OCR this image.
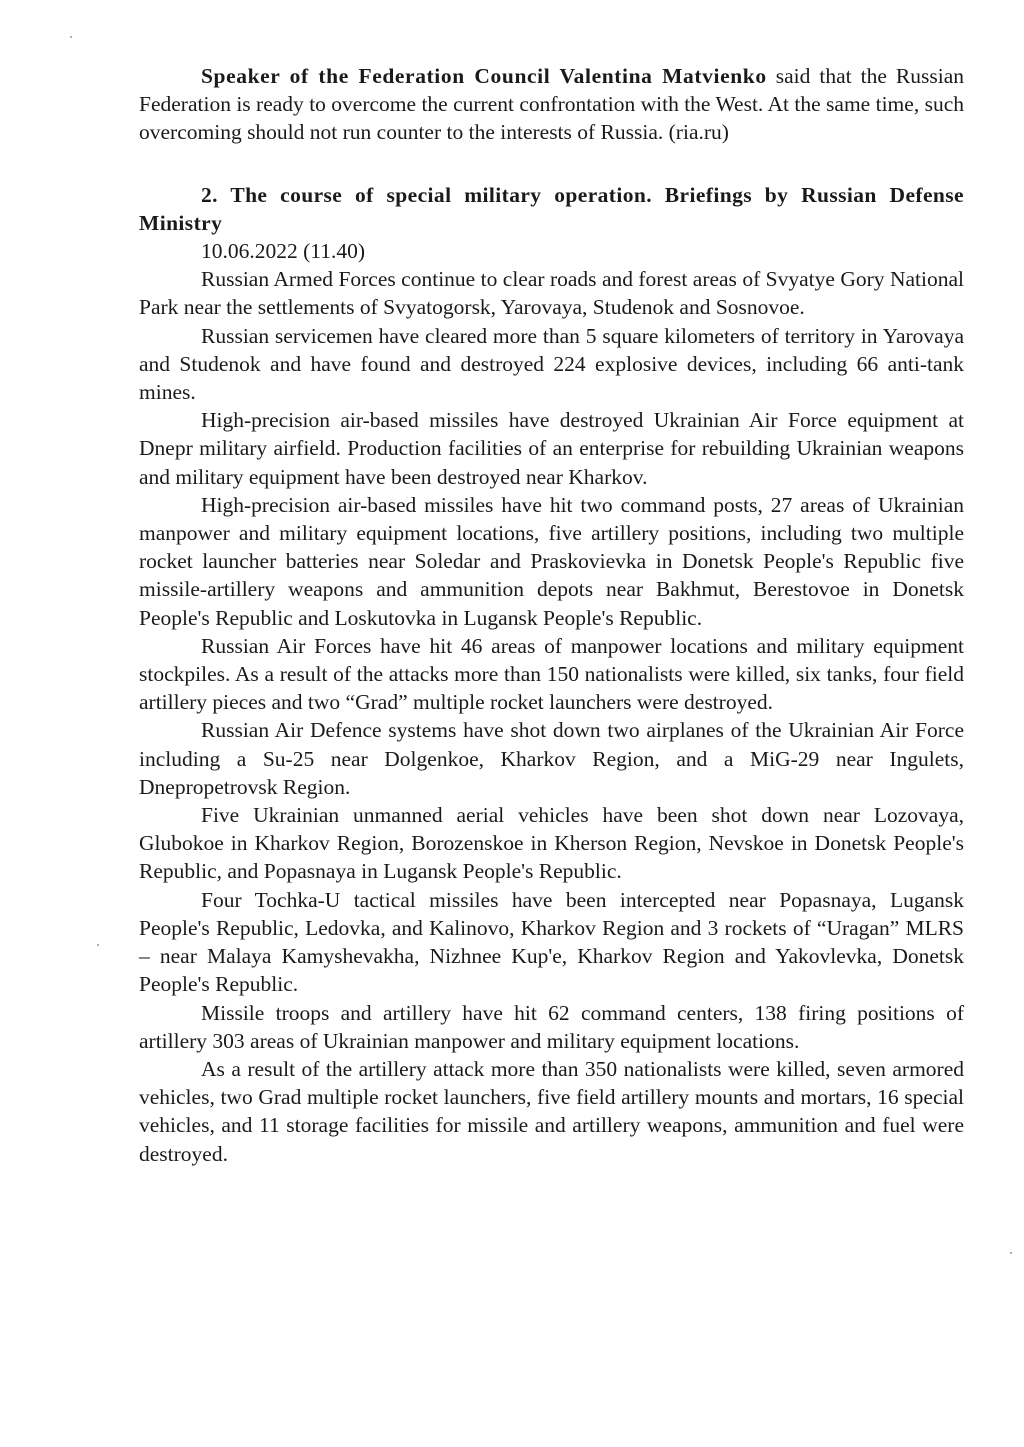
Speaker of the Federation Council Valentina Matvienko said that the Russian Federation is ready to overcome the current confrontation with the West. At the same time, such overcoming should not run counter to the interests of Russia. (ria.ru)

2. The course of special military operation. Briefings by Russian Defense Ministry

10.06.2022 (11.40)

Russian Armed Forces continue to clear roads and forest areas of Svyatye Gory National Park near the settlements of Svyatogorsk, Yarovaya, Studenok and Sosnovoe.

Russian servicemen have cleared more than 5 square kilometers of territory in Yarovaya and Studenok and have found and destroyed 224 explosive devices, including 66 anti-tank mines.

High-precision air-based missiles have destroyed Ukrainian Air Force equipment at Dnepr military airfield. Production facilities of an enterprise for rebuilding Ukrainian weapons and military equipment have been destroyed near Kharkov.

High-precision air-based missiles have hit two command posts, 27 areas of Ukrainian manpower and military equipment locations, five artillery positions, including two multiple rocket launcher batteries near Soledar and Praskovievka in Donetsk People's Republic five missile-artillery weapons and ammunition depots near Bakhmut, Berestovoe in Donetsk People's Republic and Loskutovka in Lugansk People's Republic.

Russian Air Forces have hit 46 areas of manpower locations and military equipment stockpiles. As a result of the attacks more than 150 nationalists were killed, six tanks, four field artillery pieces and two “Grad” multiple rocket launchers were destroyed.

Russian Air Defence systems have shot down two airplanes of the Ukrainian Air Force including a Su-25 near Dolgenkoe, Kharkov Region, and a MiG-29 near Ingulets, Dnepropetrovsk Region.

Five Ukrainian unmanned aerial vehicles have been shot down near Lozovaya, Glubokoe in Kharkov Region, Borozenskoe in Kherson Region, Nevskoe in Donetsk People's Republic, and Popasnaya in Lugansk People's Republic.

Four Tochka-U tactical missiles have been intercepted near Popasnaya, Lugansk People's Republic, Ledovka, and Kalinovo, Kharkov Region and 3 rockets of “Uragan” MLRS – near Malaya Kamyshevakha, Nizhnee Kup'e, Kharkov Region and Yakovlevka, Donetsk People's Republic.

Missile troops and artillery have hit 62 command centers, 138 firing positions of artillery 303 areas of Ukrainian manpower and military equipment locations.

As a result of the artillery attack more than 350 nationalists were killed, seven armored vehicles, two Grad multiple rocket launchers, five field artillery mounts and mortars, 16 special vehicles, and 11 storage facilities for missile and artillery weapons, ammunition and fuel were destroyed.
